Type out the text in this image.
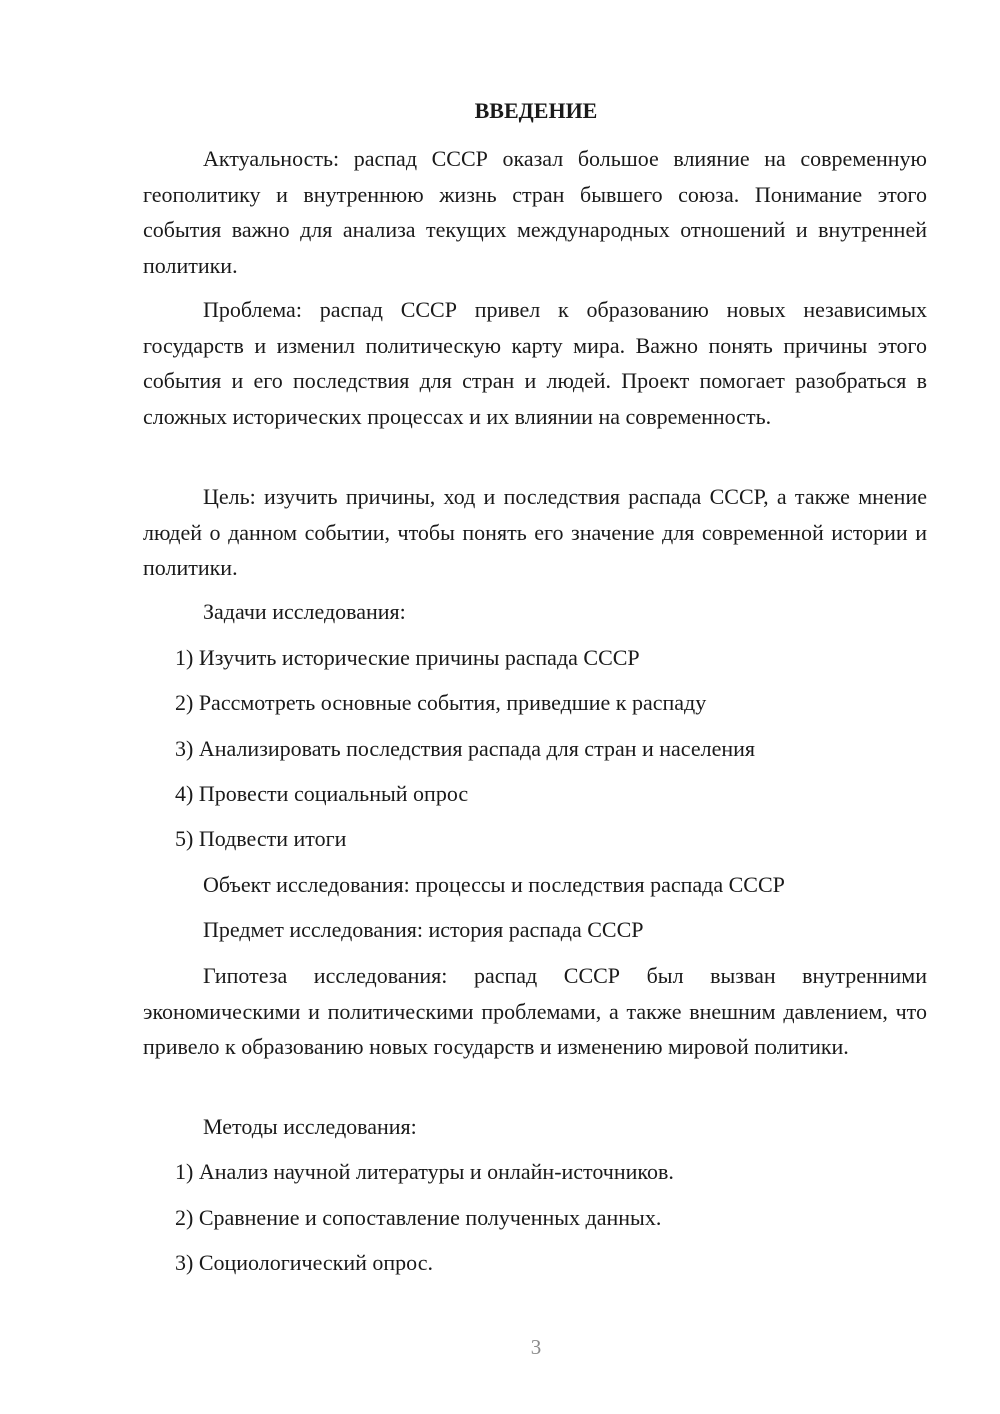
ВВЕДЕНИЕ

Актуальность: распад СССР оказал большое влияние на современную геополитику и внутреннюю жизнь стран бывшего союза. Понимание этого события важно для анализа текущих международных отношений и внутренней политики.

Проблема: распад СССР привел к образованию новых независимых государств и изменил политическую карту мира. Важно понять причины этого события и его последствия для стран и людей. Проект помогает разобраться в сложных исторических процессах и их влиянии на современность.

Цель: изучить причины, ход и последствия распада СССР, а также мнение людей о данном событии, чтобы понять его значение для современной истории и политики.

Задачи исследования:
1) Изучить исторические причины распада СССР
2) Рассмотреть основные события, приведшие к распаду
3) Анализировать последствия распада для стран и населения
4) Провести социальный опрос
5) Подвести итоги
Объект исследования: процессы и последствия распада СССР
Предмет исследования: история распада СССР

Гипотеза исследования: распад СССР был вызван внутренними экономическими и политическими проблемами, а также внешним давлением, что привело к образованию новых государств и изменению мировой политики.

Методы исследования:
1) Анализ научной литературы и онлайн-источников.
2) Сравнение и сопоставление полученных данных.
3) Социологический опрос.
3
